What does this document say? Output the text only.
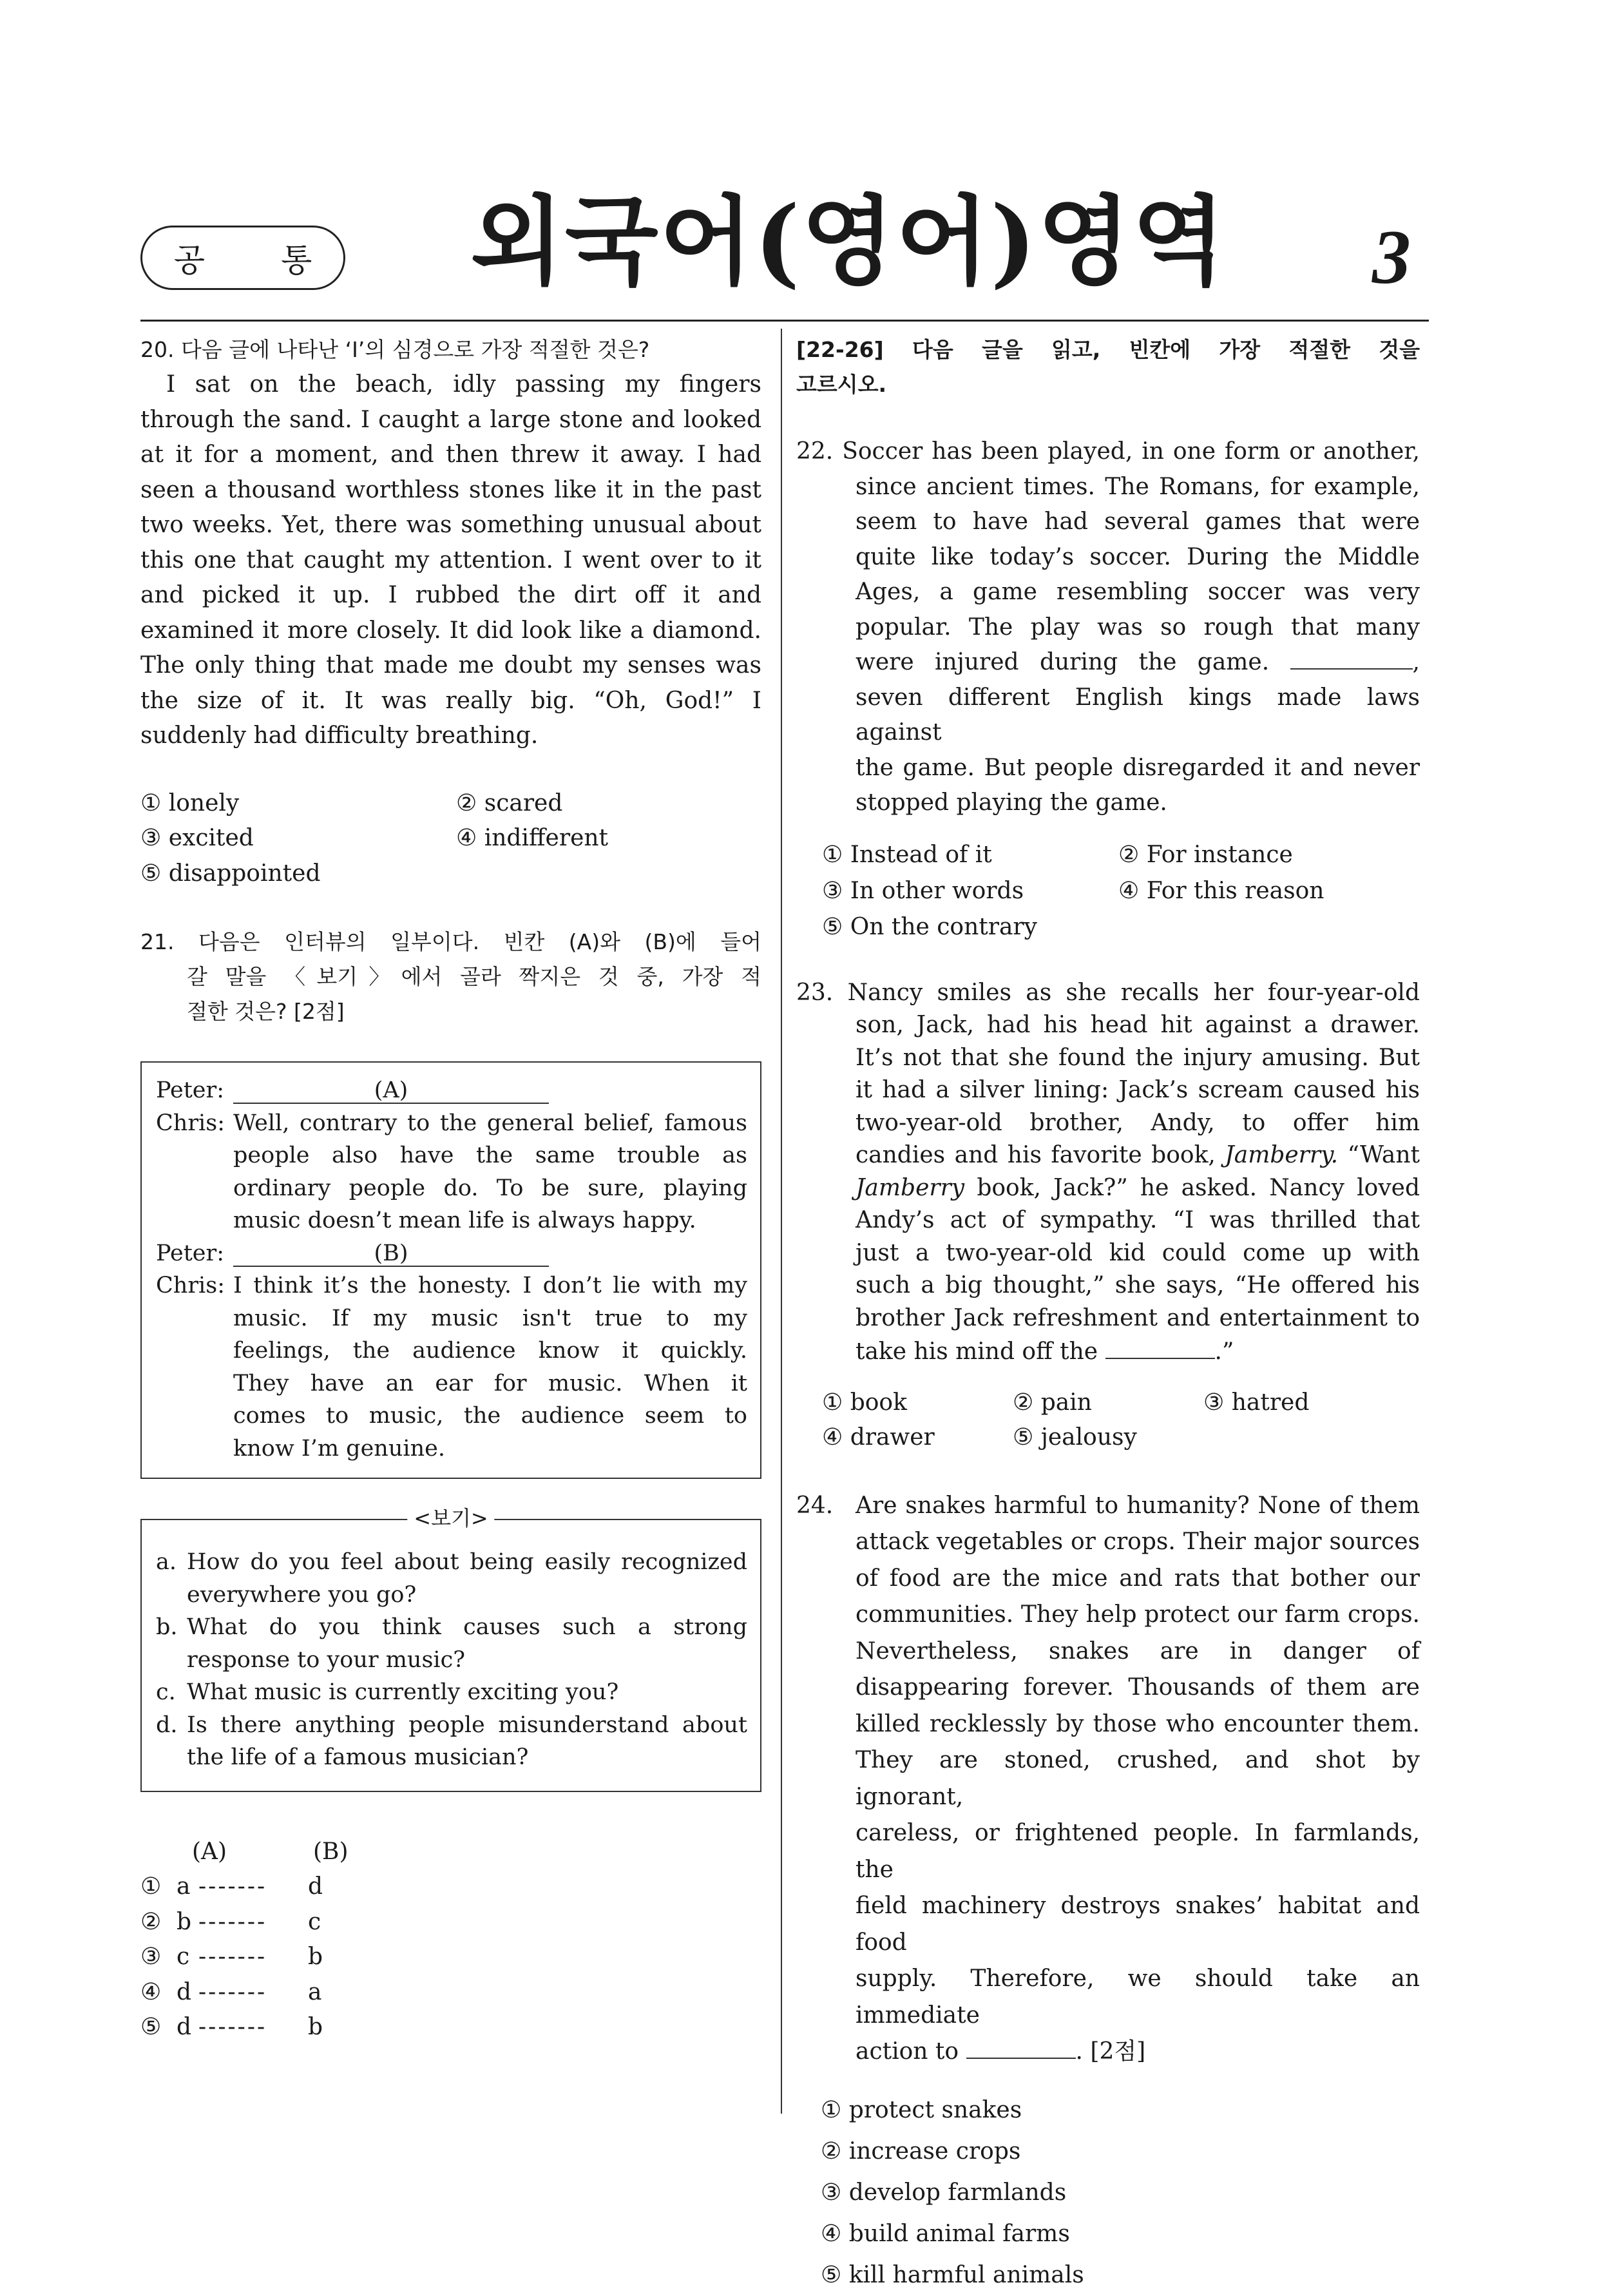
공 통 외국어(영어)영역 3
20. 다음 글에 나타난 ‘I’의 심경으로 가장 적절한 것은?
I sat on the beach, idly passing my fingers
through the sand. I caught a large stone and looked
at it for a moment, and then threw it away. I had
seen a thousand worthless stones like it in the past
two weeks. Yet, there was something unusual about
this one that caught my attention. I went over to it
and picked it up. I rubbed the dirt off it and
examined it more closely. It did look like a diamond.
The only thing that made me doubt my senses was
the size of it. It was really big. “Oh, God!” I
suddenly had difficulty breathing.
① lonely	② scared
③ excited	④ indifferent
⑤ disappointed
21. 다음은 인터뷰의 일부이다. 빈칸 (A)와 (B)에 들어
갈 말을 〈보기〉에서 골라 짝지은 것 중, 가장 적
절한 것은? [2점]
Peter:	(A)
Chris: Well, contrary to the general belief, famous
people also have the same trouble as
ordinary people do. To be sure, playing
music doesn’t mean life is always happy.
Peter:	(B)
Chris: I think it’s the honesty. I don’t lie with my
music. If my music isn't true to my
feelings, the audience know it quickly.
They have an ear for music. When it
comes to music, the audience seem to
know I’m genuine.
<보기>
a. How do you feel about being easily recognized everywhere you go?
b. What do you think causes such a strong response to your music?
c. What music is currently exciting you?
d. Is there anything people misunderstand about the life of a famous musician?
(A)	(B)
① a -------	d
② b -------	c
③ c -------	b
④ d -------	a
⑤ d -------	b
[22-26] 다음 글을 읽고, 빈칸에 가장 적절한 것을
고르시오.
22. Soccer has been played, in one form or another,
since ancient times. The Romans, for example,
seem to have had several games that were
quite like today’s soccer. During the Middle
Ages, a game resembling soccer was very
popular. The play was so rough that many
were injured during the game.	,
seven different English kings made laws against
the game. But people disregarded it and never
stopped playing the game.
① Instead of it	② For instance
③ In other words	④ For this reason
⑤ On the contrary
23. Nancy smiles as she recalls her four-year-old
son, Jack, had his head hit against a drawer.
It’s not that she found the injury amusing. But
it had a silver lining: Jack’s scream caused his
two-year-old brother, Andy, to offer him
candies and his favorite book, Jamberry. “Want
Jamberry book, Jack?” he asked. Nancy loved
Andy’s act of sympathy. “I was thrilled that
just a two-year-old kid could come up with
such a big thought,” she says, “He offered his
brother Jack refreshment and entertainment to
take his mind off the	.”
① book	② pain	③ hatred
④ drawer	⑤ jealousy
24. Are snakes harmful to humanity? None of them
attack vegetables or crops. Their major sources
of food are the mice and rats that bother our
communities. They help protect our farm crops.
Nevertheless, snakes are in danger of
disappearing forever. Thousands of them are
killed recklessly by those who encounter them.
They are stoned, crushed, and shot by ignorant,
careless, or frightened people. In farmlands, the
field machinery destroys snakes’ habitat and food
supply. Therefore, we should take an immediate
action to	. [2점]
① protect snakes
② increase crops
③ develop farmlands
④ build animal farms
⑤ kill harmful animals
